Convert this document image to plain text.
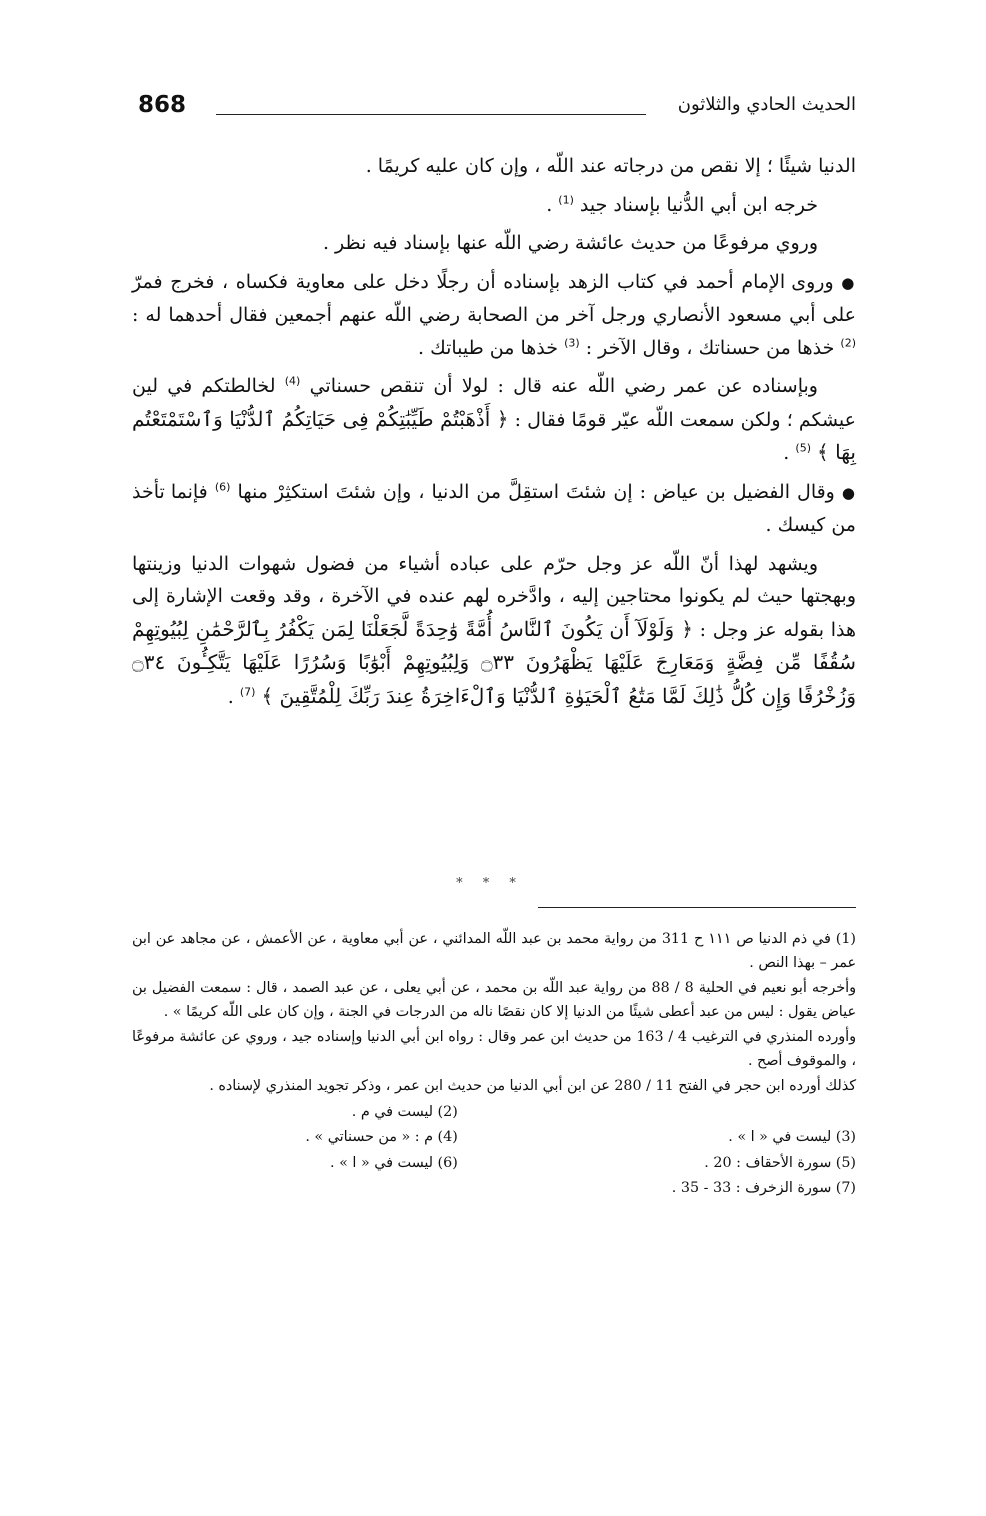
868	الحديث الحادي والثلاثون

الدنيا شيئًا ؛ إلا نقص من درجاته عند اللّه ، وإن كان عليه كريمًا .

خرجه ابن أبي الدُّنيا بإسناد جيد $^{(1)}$ .

وروي مرفوعًا من حديث عائشة رضي اللّه عنها بإسناد فيه نظر .

● وروى الإمام أحمد في كتاب الزهد بإسناده أن رجلًا دخل على معاوية فكساه ، فخرج فمرّ على أبي مسعود الأنصاري ورجل آخر من الصحابة رضي اللّه عنهم أجمعين فقال أحدهما له : $^{(2)}$ خذها من حسناتك ، وقال الآخر : $^{(3)}$ خذها من طيباتك .

وبإسناده عن عمر رضي اللّه عنه قال : لولا أن تنقص حسناتي $^{(4)}$ لخالطتكم في لين عيشكم ؛ ولكن سمعت اللّه عيّر قومًا فقال : ﴿ أَذْهَبْتُمْ طَيِّبَٰتِكُمْ فِى حَيَاتِكُمُ ٱلدُّنْيَا وَٱسْتَمْتَعْتُم بِهَا ﴾ $^{(5)}$ .

● وقال الفضيل بن عياض : إن شئتَ استقِلَّ من الدنيا ، وإن شئتَ استكثِرْ منها $^{(6)}$ فإنما تأخذ من كيسك .

ويشهد لهذا أنّ اللّه عز وجل حرّم على عباده أشياء من فضول شهوات الدنيا وزينتها وبهجتها حيث لم يكونوا محتاجين إليه ، وادَّخره لهم عنده في الآخرة ، وقد وقعت الإشارة إلى هذا بقوله عز وجل : ﴿ وَلَوْلَآ أَن يَكُونَ ٱلنَّاسُ أُمَّةً وَٰحِدَةً لَّجَعَلْنَا لِمَن يَكْفُرُ بِٱلرَّحْمَٰنِ لِبُيُوتِهِمْ سُقُفًا مِّن فِضَّةٍ وَمَعَارِجَ عَلَيْهَا يَظْهَرُونَ ۝٣٣ وَلِبُيُوتِهِمْ أَبْوَٰبًا وَسُرُرًا عَلَيْهَا يَتَّكِـُٔونَ ۝٣٤ وَزُخْرُفًا وَإِن كُلُّ ذَٰلِكَ لَمَّا مَتَٰعُ ٱلْحَيَوٰةِ ٱلدُّنْيَا وَٱلْءَاخِرَةُ عِندَ رَبِّكَ لِلْمُتَّقِينَ ﴾ $^{(7)}$ .

* * *

(1) في ذم الدنيا ص ١١١ ح 311 من رواية محمد بن عبد اللّه المدائني ، عن أبي معاوية ، عن الأعمش ، عن مجاهد عن ابن عمر – بهذا النص .

وأخرجه أبو نعيم في الحلية 8 / 88 من رواية عبد اللّه بن محمد ، عن أبي يعلى ، عن عبد الصمد ، قال : سمعت الفضيل بن عياض يقول : ليس من عبد أعطى شيئًا من الدنيا إلا كان نقصًا ناله من الدرجات في الجنة ، وإن كان على اللّه كريمًا » .

وأورده المنذري في الترغيب 4 / 163 من حديث ابن عمر وقال : رواه ابن أبي الدنيا وإسناده جيد ، وروي عن عائشة مرفوعًا ، والموقوف أصح .

كذلك أورده ابن حجر في الفتح 11 / 280 عن ابن أبي الدنيا من حديث ابن عمر ، وذكر تجويد المنذري لإسناده .

(2) ليست في م .
(3) ليست في « ا » .
(4) م : « من حسناتي » .
(5) سورة الأحقاف : 20 .
(6) ليست في « ا » .
(7) سورة الزخرف : 33 - 35 .
